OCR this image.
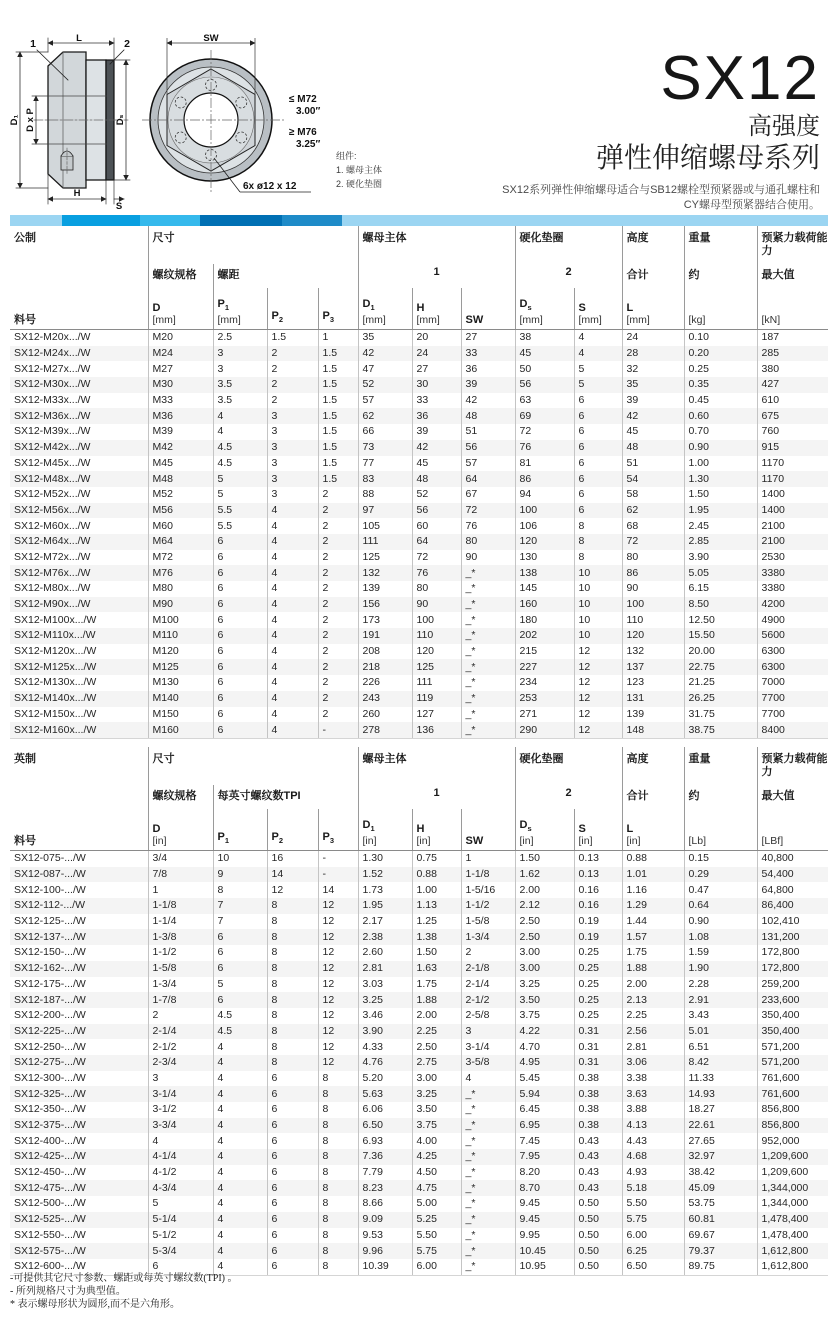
L
1	2
D₁ D x P	Dₛ
H
S
SW
≤ M72
3.00″
≥ M76
3.25″
6x ø12 x 12
组件:
1. 螺母主体
2. 硬化垫圈
SX12
高强度
弹性伸缩螺母系列
SX12系列弹性伸缩螺母适合与SB12螺栓型预紧器或与通孔螺柱和
CY螺母型预紧器结合使用。
公制	尺寸				螺母主体			硬化垫圈		高度	重量	预紧力载荷能力
	螺纹规格	螺距			1			2		合计	约	最大值

料号

D
[mm]

$P_1$
[mm]	$P_2$	$P_3$

$D_1$
[mm]

H
[mm]	SW

$D_s$
[mm]

S
[mm]

L
[mm]	[kg]	[kN]

SX12-M20x.../W	M20	2.5	1.5	1	35	20	27	38	4	24	0.10	187
SX12-M24x.../W	M24	3	2	1.5	42	24	33	45	4	28	0.20	285
SX12-M27x.../W	M27	3	2	1.5	47	27	36	50	5	32	0.25	380
SX12-M30x.../W	M30	3.5	2	1.5	52	30	39	56	5	35	0.35	427
SX12-M33x.../W	M33	3.5	2	1.5	57	33	42	63	6	39	0.45	610
SX12-M36x.../W	M36	4	3	1.5	62	36	48	69	6	42	0.60	675
SX12-M39x.../W	M39	4	3	1.5	66	39	51	72	6	45	0.70	760
SX12-M42x.../W	M42	4.5	3	1.5	73	42	56	76	6	48	0.90	915
SX12-M45x.../W	M45	4.5	3	1.5	77	45	57	81	6	51	1.00	1170
SX12-M48x.../W	M48	5	3	1.5	83	48	64	86	6	54	1.30	1170
SX12-M52x.../W	M52	5	3	2	88	52	67	94	6	58	1.50	1400
SX12-M56x.../W	M56	5.5	4	2	97	56	72	100	6	62	1.95	1400
SX12-M60x.../W	M60	5.5	4	2	105	60	76	106	8	68	2.45	2100
SX12-M64x.../W	M64	6	4	2	111	64	80	120	8	72	2.85	2100
SX12-M72x.../W	M72	6	4	2	125	72	90	130	8	80	3.90	2530
SX12-M76x.../W	M76	6	4	2	132	76	_*	138	10	86	5.05	3380
SX12-M80x.../W	M80	6	4	2	139	80	_*	145	10	90	6.15	3380
SX12-M90x.../W	M90	6	4	2	156	90	_*	160	10	100	8.50	4200
SX12-M100x.../W	M100	6	4	2	173	100	_*	180	10	110	12.50	4900
SX12-M110x.../W	M110	6	4	2	191	110	_*	202	10	120	15.50	5600
SX12-M120x.../W	M120	6	4	2	208	120	_*	215	12	132	20.00	6300
SX12-M125x.../W	M125	6	4	2	218	125	_*	227	12	137	22.75	6300
SX12-M130x.../W	M130	6	4	2	226	111	_*	234	12	123	21.25	7000
SX12-M140x.../W	M140	6	4	2	243	119	_*	253	12	131	26.25	7700
SX12-M150x.../W	M150	6	4	2	260	127	_*	271	12	139	31.75	7700
SX12-M160x.../W	M160	6	4	-	278	136	_*	290	12	148	38.75	8400
英制	尺寸				螺母主体			硬化垫圈		高度	重量	预紧力载荷能力
	螺纹规格	每英寸螺纹数TPI			1			2		合计	约	最大值

料号

D
[in]	$P_1$	$P_2$	$P_3$

$D_1$
[in]

H
[in]	SW

$D_s$
[in]

S
[in]

L
[in]	[Lb]	[LBf]

SX12-075-.../W	3/4	10	16	-	1.30	0.75	1	1.50	0.13	0.88	0.15	40,800
SX12-087-.../W	7/8	9	14	-	1.52	0.88	1-1/8	1.62	0.13	1.01	0.29	54,400
SX12-100-.../W	1	8	12	14	1.73	1.00	1-5/16	2.00	0.16	1.16	0.47	64,800
SX12-112-.../W	1-1/8	7	8	12	1.95	1.13	1-1/2	2.12	0.16	1.29	0.64	86,400
SX12-125-.../W	1-1/4	7	8	12	2.17	1.25	1-5/8	2.50	0.19	1.44	0.90	102,410
SX12-137-.../W	1-3/8	6	8	12	2.38	1.38	1-3/4	2.50	0.19	1.57	1.08	131,200
SX12-150-.../W	1-1/2	6	8	12	2.60	1.50	2	3.00	0.25	1.75	1.59	172,800
SX12-162-.../W	1-5/8	6	8	12	2.81	1.63	2-1/8	3.00	0.25	1.88	1.90	172,800
SX12-175-.../W	1-3/4	5	8	12	3.03	1.75	2-1/4	3.25	0.25	2.00	2.28	259,200
SX12-187-.../W	1-7/8	6	8	12	3.25	1.88	2-1/2	3.50	0.25	2.13	2.91	233,600
SX12-200-.../W	2	4.5	8	12	3.46	2.00	2-5/8	3.75	0.25	2.25	3.43	350,400
SX12-225-.../W	2-1/4	4.5	8	12	3.90	2.25	3	4.22	0.31	2.56	5.01	350,400
SX12-250-.../W	2-1/2	4	8	12	4.33	2.50	3-1/4	4.70	0.31	2.81	6.51	571,200
SX12-275-.../W	2-3/4	4	8	12	4.76	2.75	3-5/8	4.95	0.31	3.06	8.42	571,200
SX12-300-.../W	3	4	6	8	5.20	3.00	4	5.45	0.38	3.38	11.33	761,600
SX12-325-.../W	3-1/4	4	6	8	5.63	3.25	_*	5.94	0.38	3.63	14.93	761,600
SX12-350-.../W	3-1/2	4	6	8	6.06	3.50	_*	6.45	0.38	3.88	18.27	856,800
SX12-375-.../W	3-3/4	4	6	8	6.50	3.75	_*	6.95	0.38	4.13	22.61	856,800
SX12-400-.../W	4	4	6	8	6.93	4.00	_*	7.45	0.43	4.43	27.65	952,000
SX12-425-.../W	4-1/4	4	6	8	7.36	4.25	_*	7.95	0.43	4.68	32.97	1,209,600
SX12-450-.../W	4-1/2	4	6	8	7.79	4.50	_*	8.20	0.43	4.93	38.42	1,209,600
SX12-475-.../W	4-3/4	4	6	8	8.23	4.75	_*	8.70	0.43	5.18	45.09	1,344,000
SX12-500-.../W	5	4	6	8	8.66	5.00	_*	9.45	0.50	5.50	53.75	1,344,000
SX12-525-.../W	5-1/4	4	6	8	9.09	5.25	_*	9.45	0.50	5.75	60.81	1,478,400
SX12-550-.../W	5-1/2	4	6	8	9.53	5.50	_*	9.95	0.50	6.00	69.67	1,478,400
SX12-575-.../W	5-3/4	4	6	8	9.96	5.75	_*	10.45	0.50	6.25	79.37	1,612,800
SX12-600-.../W	6	4	6	8	10.39	6.00	_*	10.95	0.50	6.50	89.75	1,612,800
-可提供其它尺寸参数、螺距或每英寸螺纹数(TPI) 。
- 所列规格尺寸为典型值。
* 表示螺母形状为圆形,而不是六角形。
